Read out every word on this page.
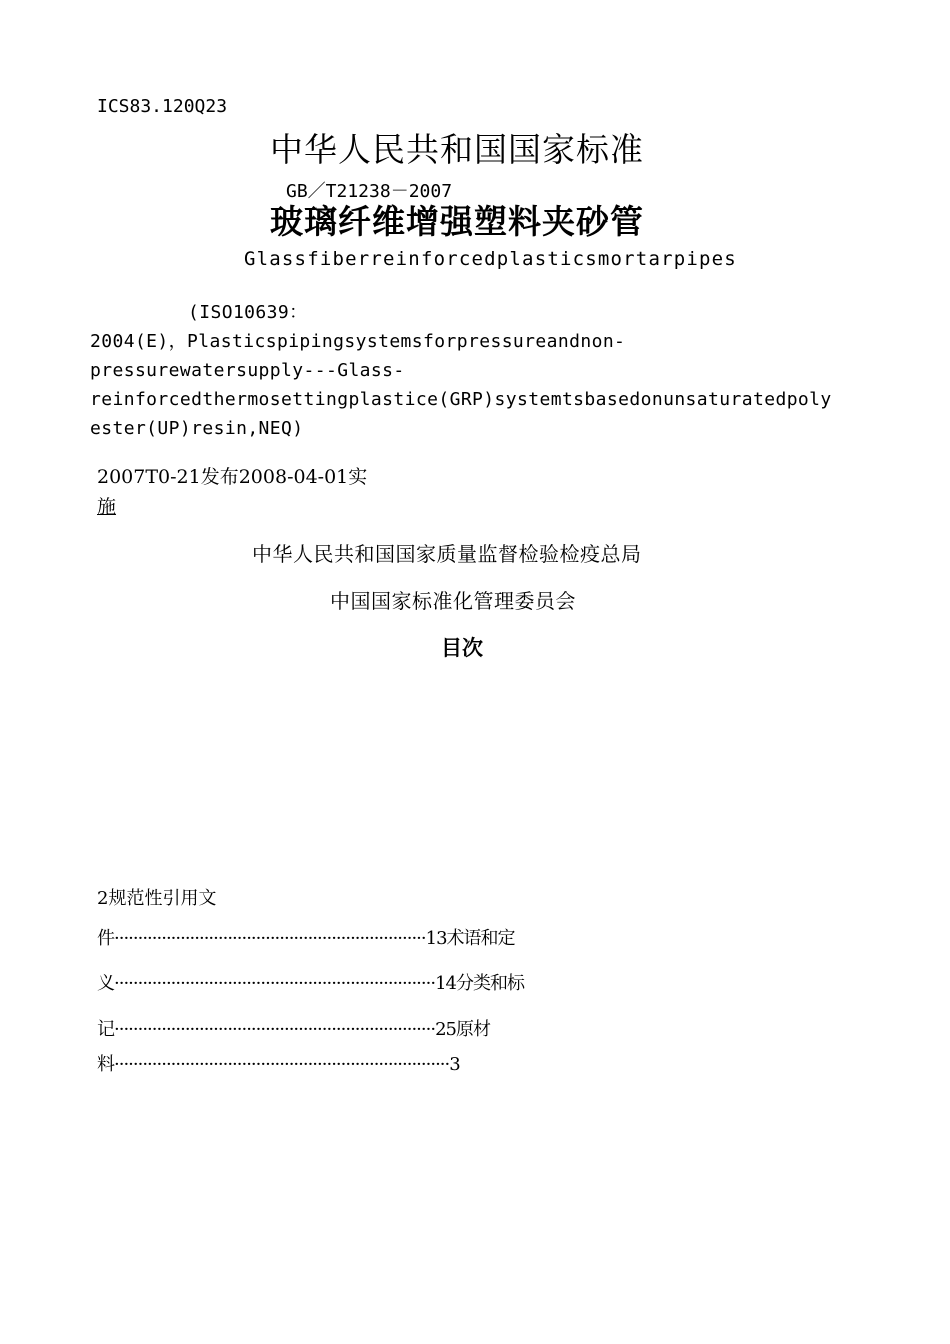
ICS83.120Q23
中华人民共和国国家标准
GB／T21238－2007
玻璃纤维增强塑料夹砂管
Glassfiberreinforcedplasticsmortarpipes
(ISO10639：
2004(E)，Plasticspipingsystemsforpressureandnon-
pressurewatersupply---Glass-
reinforcedthermosettingplastice(GRP)systemtsbasedonunsaturatedpoly
ester(UP)resin,NEQ)
2007T0-21发布2008-04-01实
施
中华人民共和国国家质量监督检验检疫总局
中国国家标准化管理委员会
目次
2规范性引用文
件··································································13术语和定
义····································································14分类和标
记····································································25原材
料·······································································3
